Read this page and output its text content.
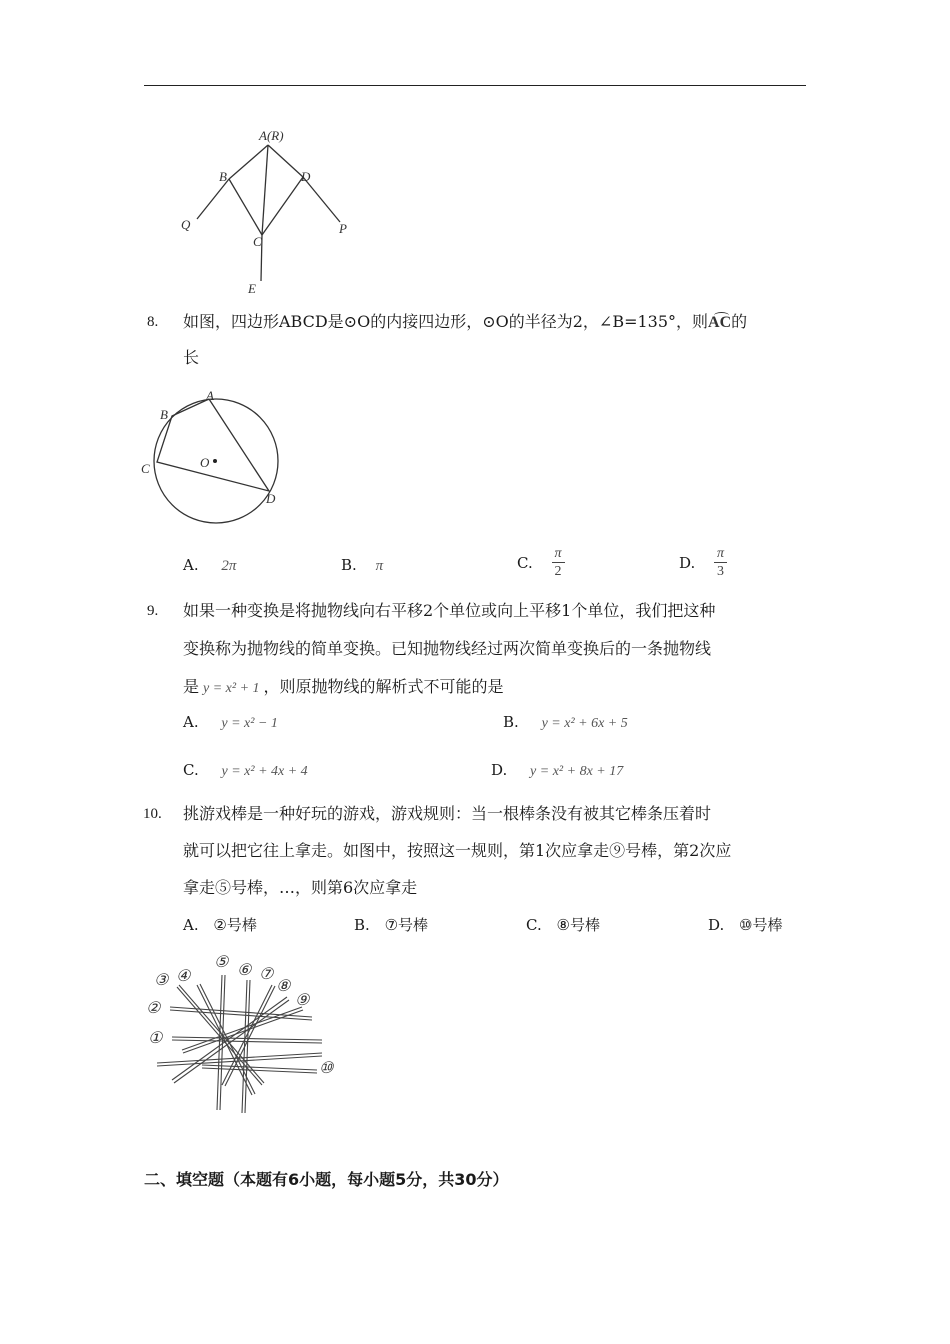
A(R)
B	D
Q
C
P
E
8. 如图，四边形ABCD是⊙O的内接四边形，⊙O的半径为2，∠B=135°，则AC的
长
A
B
C	O
D
A. 2π	B. π	C. $\frac{\pi}{2}$	D. $\frac{\pi}{3}$
9. 如果一种变换是将抛物线向右平移2个单位或向上平移1个单位，我们把这种
变换称为抛物线的简单变换。已知抛物线经过两次简单变换后的一条抛物线
是 y = x² + 1 ，则原抛物线的解析式不可能的是
A. y = x² − 1	B. y = x² + 6x + 5
C. y = x² + 4x + 4	D. y = x² + 8x + 17
10. 挑游戏棒是一种好玩的游戏，游戏规则：当一根棒条没有被其它棒条压着时
就可以把它往上拿走。如图中，按照这一规则，第1次应拿走⑨号棒，第2次应
拿走⑤号棒，…，则第6次应拿走
A. ②号棒	B. ⑦号棒	C. ⑧号棒	D. ⑩号棒
①
②
③ ④
⑤ ⑥ ⑦
⑧
⑨
⑩
二、填空题（本题有6小题，每小题5分，共30分）
